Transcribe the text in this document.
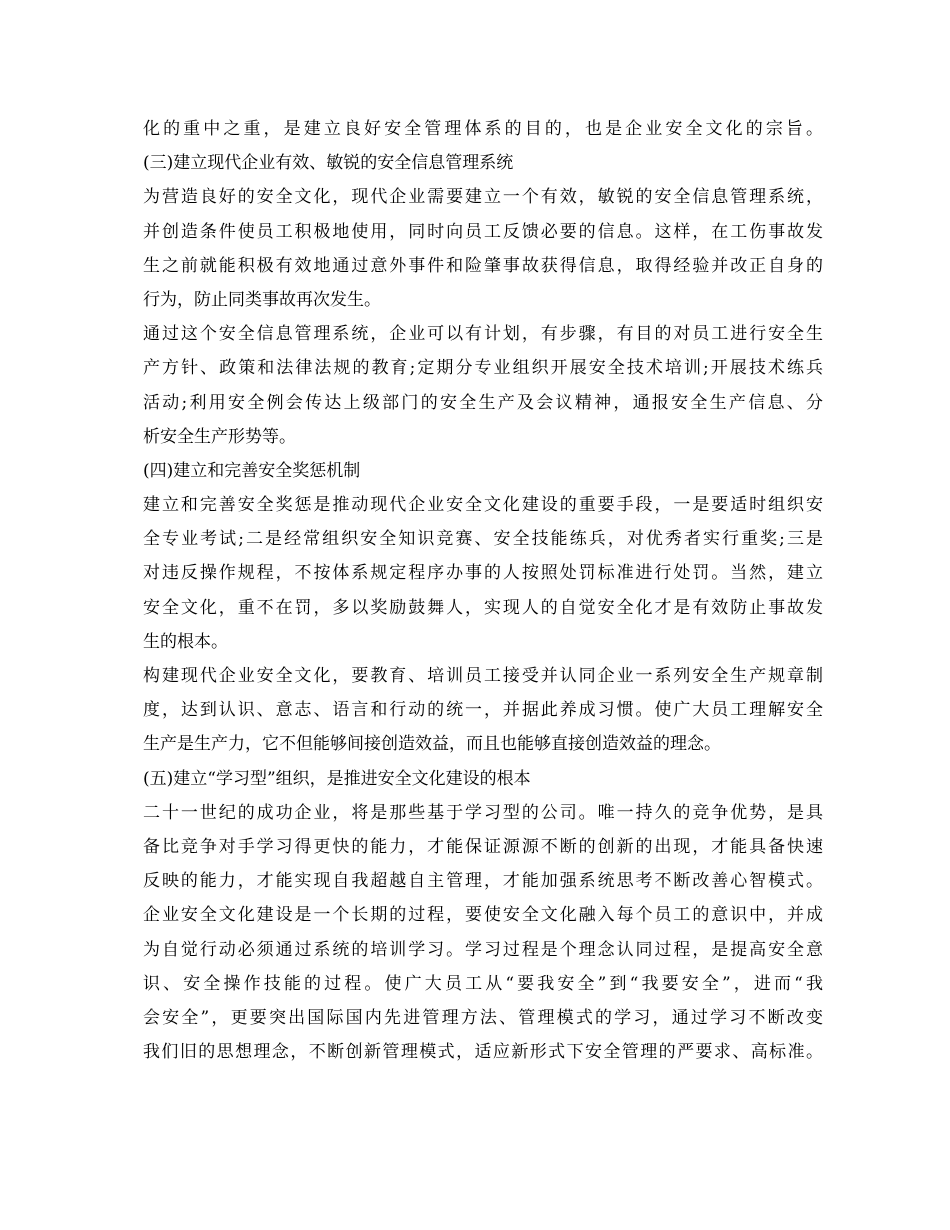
化的重中之重，是建立良好安全管理体系的目的，也是企业安全文化的宗旨。
(三)建立现代企业有效、敏锐的安全信息管理系统
为营造良好的安全文化，现代企业需要建立一个有效，敏锐的安全信息管理系统，
并创造条件使员工积极地使用，同时向员工反馈必要的信息。这样，在工伤事故发
生之前就能积极有效地通过意外事件和险肇事故获得信息，取得经验并改正自身的
行为，防止同类事故再次发生。
通过这个安全信息管理系统，企业可以有计划，有步骤，有目的对员工进行安全生
产方针、政策和法律法规的教育;定期分专业组织开展安全技术培训;开展技术练兵
活动;利用安全例会传达上级部门的安全生产及会议精神，通报安全生产信息、分
析安全生产形势等。
(四)建立和完善安全奖惩机制
建立和完善安全奖惩是推动现代企业安全文化建设的重要手段，一是要适时组织安
全专业考试;二是经常组织安全知识竞赛、安全技能练兵，对优秀者实行重奖;三是
对违反操作规程，不按体系规定程序办事的人按照处罚标准进行处罚。当然，建立
安全文化，重不在罚，多以奖励鼓舞人，实现人的自觉安全化才是有效防止事故发
生的根本。
构建现代企业安全文化，要教育、培训员工接受并认同企业一系列安全生产规章制
度，达到认识、意志、语言和行动的统一，并据此养成习惯。使广大员工理解安全
生产是生产力，它不但能够间接创造效益，而且也能够直接创造效益的理念。
(五)建立“学习型”组织，是推进安全文化建设的根本
二十一世纪的成功企业，将是那些基于学习型的公司。唯一持久的竞争优势，是具
备比竞争对手学习得更快的能力，才能保证源源不断的创新的出现，才能具备快速
反映的能力，才能实现自我超越自主管理，才能加强系统思考不断改善心智模式。
企业安全文化建设是一个长期的过程，要使安全文化融入每个员工的意识中，并成
为自觉行动必须通过系统的培训学习。学习过程是个理念认同过程，是提高安全意
识、安全操作技能的过程。使广大员工从“要我安全”到“我要安全”，进而“我
会安全”，更要突出国际国内先进管理方法、管理模式的学习，通过学习不断改变
我们旧的思想理念，不断创新管理模式，适应新形式下安全管理的严要求、高标准。
